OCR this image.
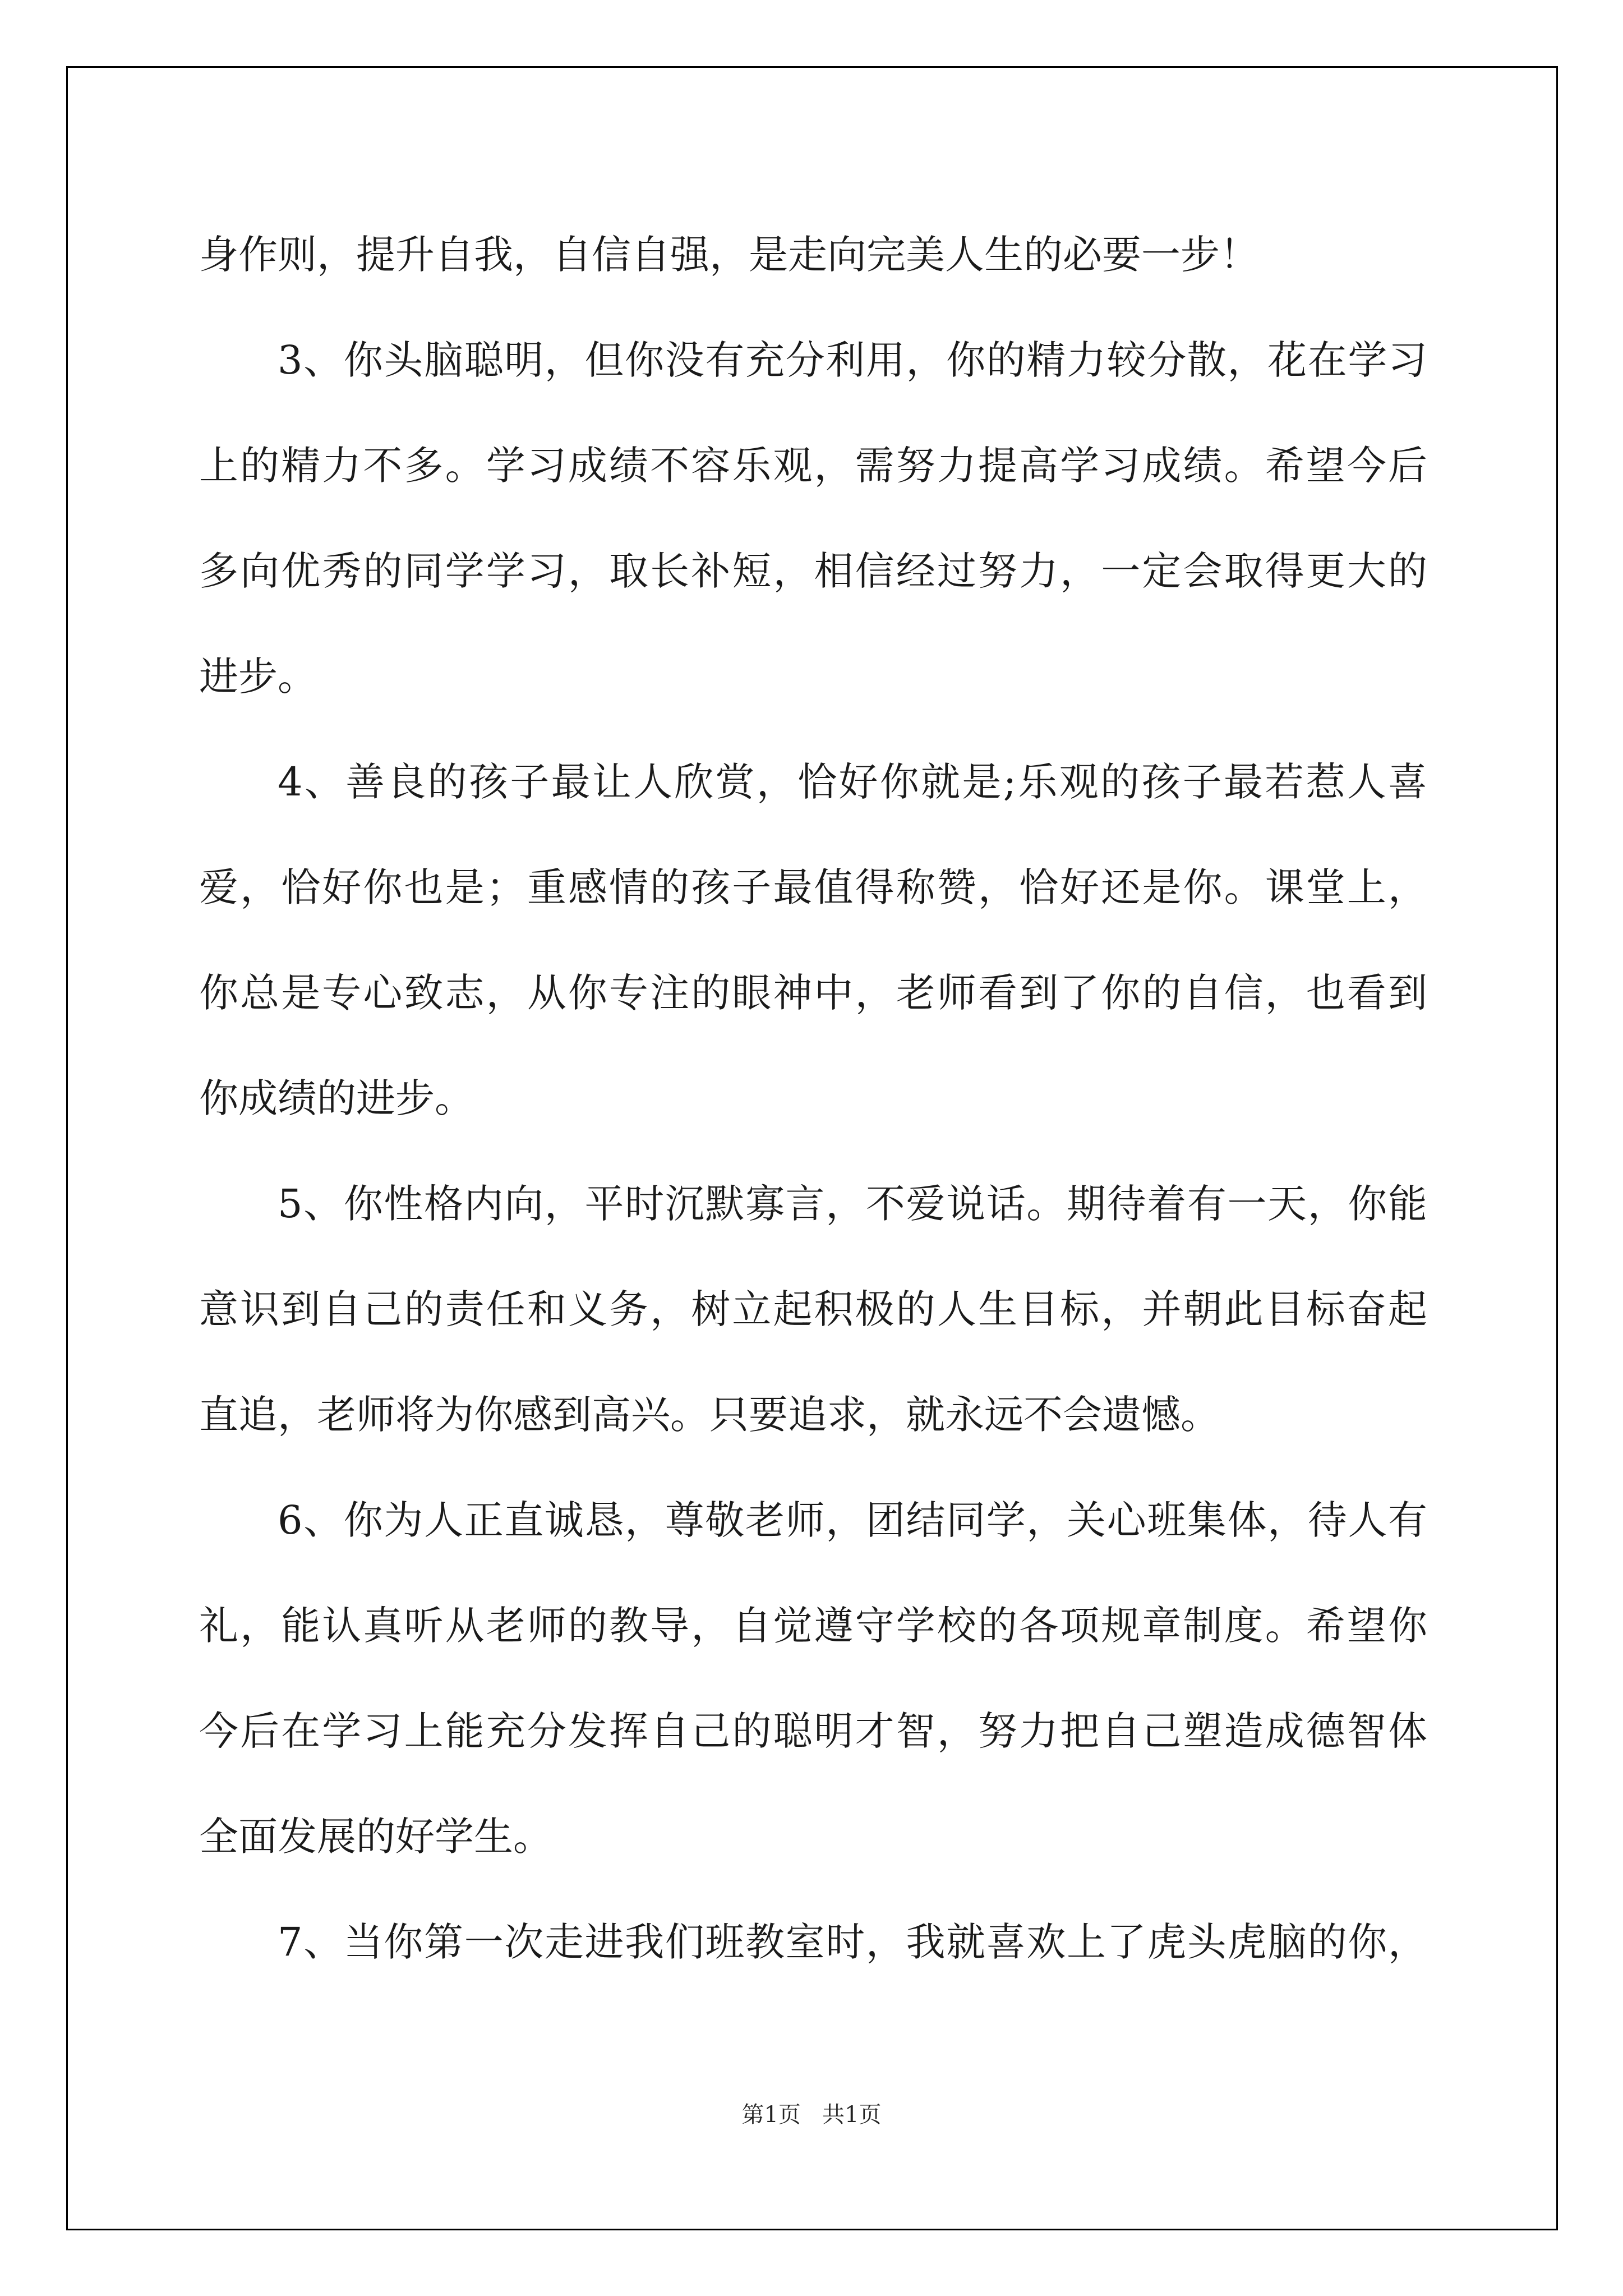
身作则，提升自我，自信自强，是走向完美人生的必要一步！
3、你头脑聪明，但你没有充分利用，你的精力较分散，花在学习
上的精力不多。学习成绩不容乐观，需努力提高学习成绩。希望今后
多向优秀的同学学习，取长补短，相信经过努力，一定会取得更大的
进步。
4、善良的孩子最让人欣赏，恰好你就是;乐观的孩子最若惹人喜
爱，恰好你也是；重感情的孩子最值得称赞，恰好还是你。课堂上，
你总是专心致志，从你专注的眼神中，老师看到了你的自信，也看到
你成绩的进步。
5、你性格内向，平时沉默寡言，不爱说话。期待着有一天，你能
意识到自己的责任和义务，树立起积极的人生目标，并朝此目标奋起
直追，老师将为你感到高兴。只要追求，就永远不会遗憾。
6、你为人正直诚恳，尊敬老师，团结同学，关心班集体，待人有
礼，能认真听从老师的教导，自觉遵守学校的各项规章制度。希望你
今后在学习上能充分发挥自己的聪明才智，努力把自己塑造成德智体
全面发展的好学生。
7、当你第一次走进我们班教室时，我就喜欢上了虎头虎脑的你，
第1页   共1页
